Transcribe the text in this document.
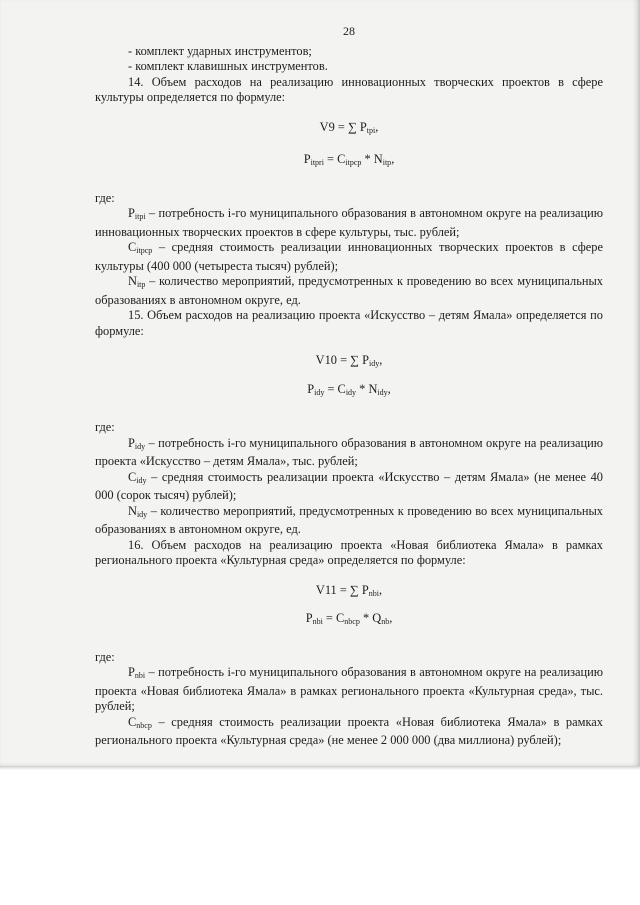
28

- комплект ударных инструментов;

- комплект клавишных инструментов.

14. Объем расходов на реализацию инновационных творческих проектов в сфере культуры определяется по формуле:

V9 = ∑ $P_{tpi}$,
$P_{itpri} = C_{itpcp} * N_{itp}$,

где:

$P_{itpi}$ – потребность i-го муниципального образования в автономном округе на реализацию инновационных творческих проектов в сфере культуры, тыс. рублей;

$C_{itpcp}$ – средняя стоимость реализации инновационных творческих проектов в сфере культуры (400 000 (четыреста тысяч) рублей);

$N_{itp}$ – количество мероприятий, предусмотренных к проведению во всех муниципальных образованиях в автономном округе, ед.

15. Объем расходов на реализацию проекта «Искусство – детям Ямала» определяется по формуле:

V10 = ∑ $P_{idy}$,
$P_{idy} = C_{idy} * N_{idy}$,

где:

$P_{idy}$ – потребность i-го муниципального образования в автономном округе на реализацию проекта «Искусство – детям Ямала», тыс. рублей;

$C_{idy}$ – средняя стоимость реализации проекта «Искусство – детям Ямала» (не менее 40 000 (сорок тысяч) рублей);

$N_{idy}$ – количество мероприятий, предусмотренных к проведению во всех муниципальных образованиях в автономном округе, ед.

16. Объем расходов на реализацию проекта «Новая библиотека Ямала» в рамках регионального проекта «Культурная среда» определяется по формуле:

V11 = ∑ $P_{nbi}$,
$P_{nbi} = C_{nbcp} * Q_{nb}$,

где:

$P_{nbi}$ – потребность i-го муниципального образования в автономном округе на реализацию проекта «Новая библиотека Ямала» в рамках регионального проекта «Культурная среда», тыс. рублей;

$C_{nbcp}$ – средняя стоимость реализации проекта «Новая библиотека Ямала» в рамках регионального проекта «Культурная среда» (не менее 2 000 000 (два миллиона) рублей);
